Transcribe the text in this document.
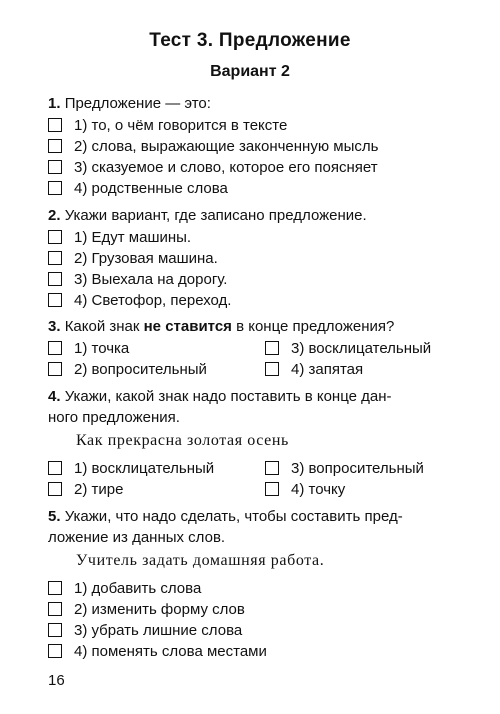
Тест 3. Предложение
Вариант 2
1. Предложение — это:
1) то, о чём говорится в тексте
2) слова, выражающие законченную мысль
3) сказуемое и слово, которое его поясняет
4) родственные слова
2. Укажи вариант, где записано предложение.
1) Едут машины.
2) Грузовая машина.
3) Выехала на дорогу.
4) Светофор, переход.
3. Какой знак не ставится в конце предложения?
1) точка
2) вопросительный
3) восклицательный
4) запятая
4. Укажи, какой знак надо поставить в конце дан-
ного предложения.
Как прекрасна золотая осень
1) восклицательный
2) тире
3) вопросительный
4) точку
5. Укажи, что надо сделать, чтобы составить пред-
ложение из данных слов.
Учитель задать домашняя работа.
1) добавить слова
2) изменить форму слов
3) убрать лишние слова
4) поменять слова местами
16
